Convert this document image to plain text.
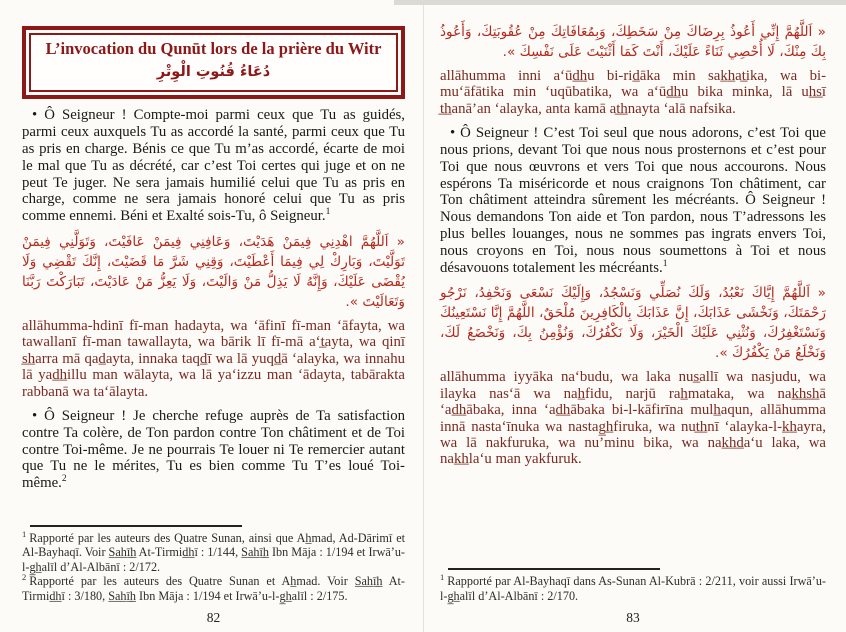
L’invocation du Qunūt lors de la prière du Witr
دُعَاءُ قُنُوتِ الْوِتْرِ

• Ô Seigneur ! Compte-moi parmi ceux que Tu as guidés, parmi ceux auxquels Tu as accordé la santé, parmi ceux que Tu as pris en charge. Bénis ce que Tu m’as accordé, écarte de moi le mal que Tu as décrété, car c’est Toi certes qui juge et on ne peut Te juger. Ne sera jamais humilié celui que Tu as pris en charge, comme ne sera jamais honoré celui que Tu as pris comme ennemi. Béni et Exalté sois-Tu, ô Seigneur.$^1$

« اَللَّهُمَّ اهْدِنِي فِيمَنْ هَدَيْتَ، وَعَافِنِي فِيمَنْ عَافَيْتَ، وَتَوَلَّنِي فِيمَنْ تَوَلَّيْتَ، وَبَارِكْ لِي فِيمَا أَعْطَيْتَ، وَقِنِي شَرَّ مَا قَضَيْتَ، إِنَّكَ تَقْضِي وَلَا يُقْضَى عَلَيْكَ، وَإِنَّهُ لَا يَذِلُّ مَنْ وَالَيْتَ، وَلَا يَعِزُّ مَنْ عَادَيْتَ، تَبَارَكْتَ رَبَّنَا وَتَعَالَيْتَ ».

allāhumma-hdinī fī-man hadayta, wa ‘āfinī fī-man ‘āfayta, wa tawallanī fī-man tawallayta, wa bārik lī fī-mā a‘t̲ayta, wa qinī s̲h̲arra mā qad̲ayta, innaka taqd̲ī wa lā yuqd̲ā ‘alayka, wa innahu lā yad̲h̲illu man wālayta, wa lā ya‘izzu man ‘ādayta, tabārakta rabbanā wa ta‘ālayta.

• Ô Seigneur ! Je cherche refuge auprès de Ta satisfaction contre Ta colère, de Ton pardon contre Ton châtiment et de Toi contre Toi-même. Je ne pourrais Te louer ni Te remercier autant que Tu ne le mérites, Tu es bien comme Tu T’es loué Toi-même.$^2$

$^1$ Rapporté par les auteurs des Quatre Sunan, ainsi que Ah̲mad, Ad-Dārimī et Al-Bayhaqī. Voir S̲a̲h̲ī̲h̲ At-Tirmid̲h̲ī : 1/144, S̲a̲h̲ī̲h̲ Ibn Māja : 1/194 et Irwā’u-l-g̲h̲alīl d’Al-Albānī : 2/172.

$^2$ Rapporté par les auteurs des Quatre Sunan et Ah̲mad. Voir S̲a̲h̲ī̲h̲ At-Tirmid̲h̲ī : 3/180, S̲a̲h̲ī̲h̲ Ibn Māja : 1/194 et Irwā’u-l-g̲h̲alīl : 2/175.

82

« اَللَّهُمَّ إِنِّي أَعُوذُ بِرِضَاكَ مِنْ سَخَطِكَ، وَبِمُعَافَاتِكَ مِنْ عُقُوبَتِكَ، وَأَعُوذُ بِكَ مِنْكَ، لَا أُحْصِي ثَنَاءً عَلَيْكَ، أَنْتَ كَمَا أَثْنَيْتَ عَلَى نَفْسِكَ ».

allāhumma inni a‘ūd̲h̲u bi-rid̲āka min sak̲h̲at̲ika, wa bi-mu‘āfātika min ‘uqūbatika, wa a‘ūd̲h̲u bika minka, lā uh̲s̲ī t̲h̲anā’an ‘alayka, anta kamā at̲h̲nayta ‘alā nafsika.

• Ô Seigneur ! C’est Toi seul que nous adorons, c’est Toi que nous prions, devant Toi que nous nous prosternons et c’est pour Toi que nous œuvrons et vers Toi que nous accourons. Nous espérons Ta miséricorde et nous craignons Ton châtiment, car Ton châtiment atteindra sûrement les mécréants. Ô Seigneur ! Nous demandons Ton aide et Ton pardon, nous T’adressons les plus belles louanges, nous ne sommes pas ingrats envers Toi, nous croyons en Toi, nous nous soumettons à Toi et nous désavouons totalement les mécréants.$^1$

« اَللَّهُمَّ إِيَّاكَ نَعْبُدُ، وَلَكَ نُصَلِّي وَنَسْجُدُ، وَإِلَيْكَ نَسْعَى وَنَحْفِدُ، نَرْجُو رَحْمَتَكَ، وَنَخْشَى عَذَابَكَ، إِنَّ عَذَابَكَ بِالْكَافِرِينَ مُلْحَقٌ، اللَّهُمَّ إِنَّا نَسْتَعِينُكَ وَنَسْتَغْفِرُكَ، وَنُثْنِي عَلَيْكَ الْخَيْرَ، وَلَا نَكْفُرُكَ، وَنُؤْمِنُ بِكَ، وَنَخْضَعُ لَكَ، وَنَخْلَعُ مَنْ يَكْفُرُكَ ».

allāhumma iyyāka na‘budu, wa laka nus̲allī wa nasjudu, wa ilayka nas‘ā wa nah̲fidu, narjū rah̲mataka, wa nak̲h̲s̲h̲ā ‘ad̲h̲ābaka, inna ‘ad̲h̲ābaka bi-l-kāfirīna mulh̲aqun, allāhumma innā nasta‘īnuka wa nastag̲h̲firuka, wa nut̲h̲nī ‘alayka-l-k̲h̲ayra, wa lā nakfuruka, wa nu’minu bika, wa nak̲h̲d̲a‘u laka, wa nak̲h̲la‘u man yakfuruk.

$^1$ Rapporté par Al-Bayhaqī dans As-Sunan Al-Kubrā : 2/211, voir aussi Irwā’u-l-g̲h̲alīl d’Al-Albānī : 2/170.

83
